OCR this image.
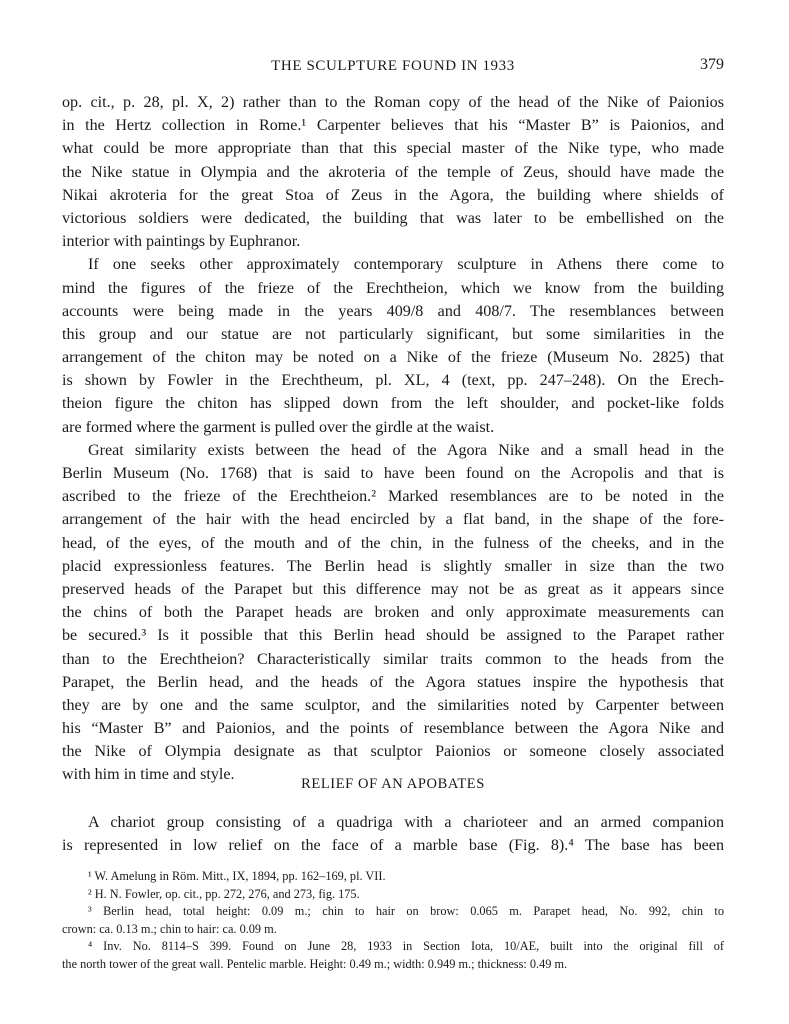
THE SCULPTURE FOUND IN 1933	379
op. cit., p. 28, pl. X, 2) rather than to the Roman copy of the head of the Nike of Paionios
in the Hertz collection in Rome.¹ Carpenter believes that his “Master B” is Paionios, and
what could be more appropriate than that this special master of the Nike type, who made
the Nike statue in Olympia and the akroteria of the temple of Zeus, should have made the
Nikai akroteria for the great Stoa of Zeus in the Agora, the building where shields of
victorious soldiers were dedicated, the building that was later to be embellished on the
interior with paintings by Euphranor.
If one seeks other approximately contemporary sculpture in Athens there come to
mind the figures of the frieze of the Erechtheion, which we know from the building
accounts were being made in the years 409/8 and 408/7. The resemblances between
this group and our statue are not particularly significant, but some similarities in the
arrangement of the chiton may be noted on a Nike of the frieze (Museum No. 2825) that
is shown by Fowler in the Erechtheum, pl. XL, 4 (text, pp. 247–248). On the Erech-
theion figure the chiton has slipped down from the left shoulder, and pocket-like folds
are formed where the garment is pulled over the girdle at the waist.
Great similarity exists between the head of the Agora Nike and a small head in the
Berlin Museum (No. 1768) that is said to have been found on the Acropolis and that is
ascribed to the frieze of the Erechtheion.² Marked resemblances are to be noted in the
arrangement of the hair with the head encircled by a flat band, in the shape of the fore-
head, of the eyes, of the mouth and of the chin, in the fulness of the cheeks, and in the
placid expressionless features. The Berlin head is slightly smaller in size than the two
preserved heads of the Parapet but this difference may not be as great as it appears since
the chins of both the Parapet heads are broken and only approximate measurements can
be secured.³ Is it possible that this Berlin head should be assigned to the Parapet rather
than to the Erechtheion? Characteristically similar traits common to the heads from the
Parapet, the Berlin head, and the heads of the Agora statues inspire the hypothesis that
they are by one and the same sculptor, and the similarities noted by Carpenter between
his “Master B” and Paionios, and the points of resemblance between the Agora Nike and
the Nike of Olympia designate as that sculptor Paionios or someone closely associated
with him in time and style.
RELIEF OF AN APOBATES
A chariot group consisting of a quadriga with a charioteer and an armed companion
is represented in low relief on the face of a marble base (Fig. 8).⁴ The base has been
¹ W. Amelung in Röm. Mitt., IX, 1894, pp. 162–169, pl. VII.
² H. N. Fowler, op. cit., pp. 272, 276, and 273, fig. 175.
³ Berlin head, total height: 0.09 m.; chin to hair on brow: 0.065 m. Parapet head, No. 992, chin to
crown: ca. 0.13 m.; chin to hair: ca. 0.09 m.
⁴ Inv. No. 8114–S 399. Found on June 28, 1933 in Section Iota, 10/AE, built into the original fill of
the north tower of the great wall. Pentelic marble. Height: 0.49 m.; width: 0.949 m.; thickness: 0.49 m.
